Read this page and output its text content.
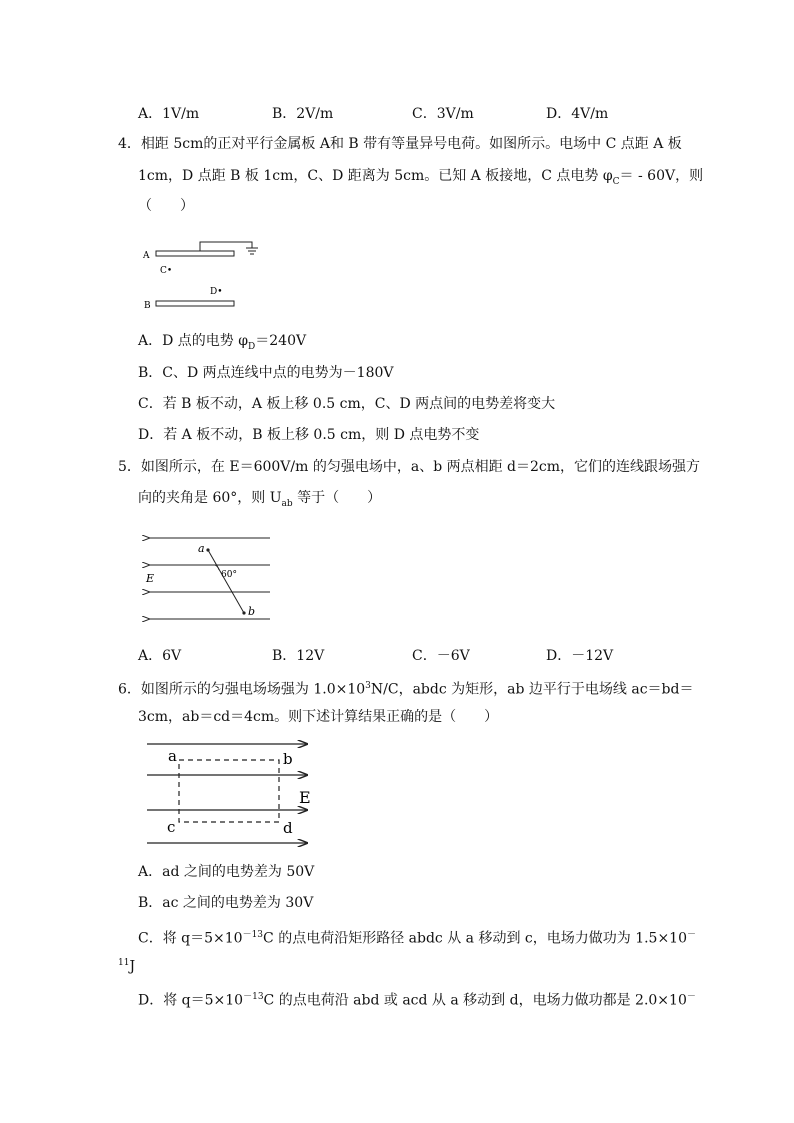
A．1V/m	B．2V/m	C．3V/m	D．4V/m
4．相距 5cm的正对平行金属板 A和 B 带有等量异号电荷。如图所示。电场中 C 点距 A 板
1cm，D 点距 B 板 1cm，C、D 距离为 5cm。已知 A 板接地，C 点电势 $\varphi_C= - 60V$，则
（　　）
A
C•
D•
B
A．D 点的电势 $\varphi_D=240V$
B．C、D 两点连线中点的电势为－180V
C．若 B 板不动，A 板上移 0.5 cm，C、D 两点间的电势差将变大
D．若 A 板不动，B 板上移 0.5 cm，则 D 点电势不变
5．如图所示，在 E＝600V/m 的匀强电场中，a、b 两点相距 d＝2cm，它们的连线跟场强方
向的夹角是 60°，则 $U_{ab}$ 等于（　　）
a
b
60°
E
A．6V	B．12V	C．－6V	D．－12V
6．如图所示的匀强电场场强为 $1.0\times 10^3N/C$，abdc 为矩形，ab 边平行于电场线 ac＝bd＝
3cm，ab＝cd＝4cm。则下述计算结果正确的是（　　）
a	b
c	d
E
A．ad 之间的电势差为 50V
B．ac 之间的电势差为 30V
C．将 $q=5\times 10^{-13}C$ 的点电荷沿矩形路径 abdc 从 a 移动到 c，电场力做功为 1.5×10－
$^{11}$J
D．将 $q=5\times 10^{-13}C$ 的点电荷沿 abd 或 acd 从 a 移动到 d，电场力做功都是 2.0×10－
